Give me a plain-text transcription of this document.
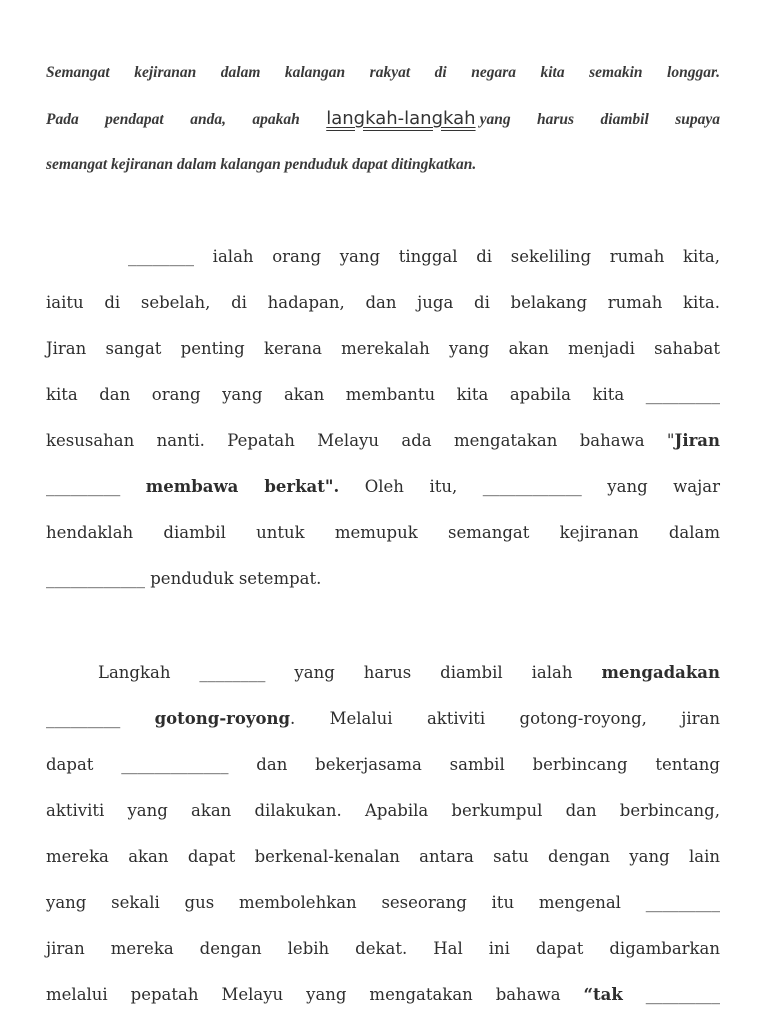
Semangat kejiranan dalam kalangan rakyat di negara kita semakin longgar.
Pada pendapat anda, apakah langkah-langkah yang harus diambil supaya
semangat kejiranan dalam kalangan penduduk dapat ditingkatkan.
________ ialah orang yang tinggal di sekeliling rumah kita,
iaitu di sebelah, di hadapan, dan juga di belakang rumah kita.
Jiran sangat penting kerana merekalah yang akan menjadi sahabat
kita dan orang yang akan membantu kita apabila kita _________
kesusahan nanti. Pepatah Melayu ada mengatakan bahawa "Jiran
_________ membawa berkat". Oleh itu, ____________ yang wajar
hendaklah diambil untuk memupuk semangat kejiranan dalam
____________ penduduk setempat.
Langkah ________ yang harus diambil ialah mengadakan
_________ gotong-royong. Melalui aktiviti gotong-royong, jiran
dapat _____________ dan bekerjasama sambil berbincang tentang
aktiviti yang akan dilakukan. Apabila berkumpul dan berbincang,
mereka akan dapat berkenal-kenalan antara satu dengan yang lain
yang sekali gus membolehkan seseorang itu mengenal _________
jiran mereka dengan lebih dekat. Hal ini dapat digambarkan
melalui pepatah Melayu yang mengatakan bahawa “tak _________
